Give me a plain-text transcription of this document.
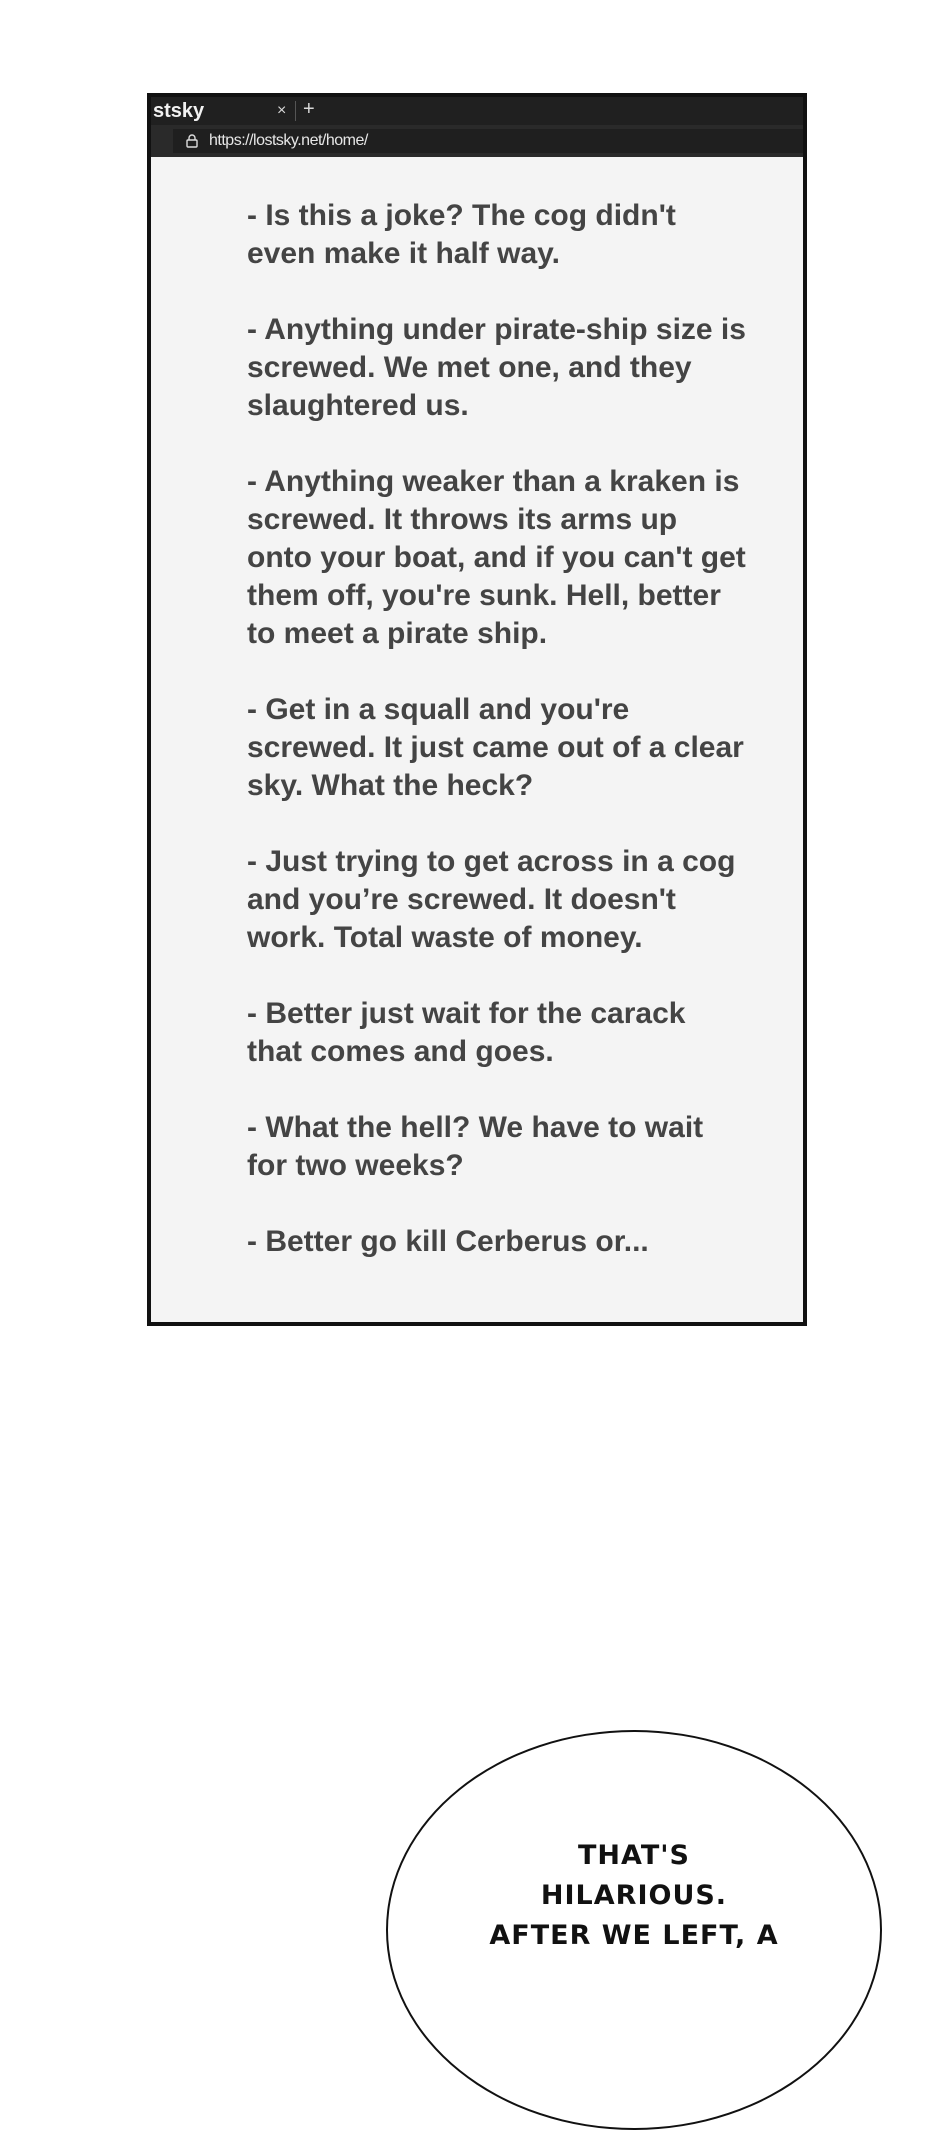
stsky	× +
https://lostsky.net/home/

- Is this a joke? The cog didn't even make it half way.

- Anything under pirate-ship size is screwed. We met one, and they slaughtered us.

- Anything weaker than a kraken is screwed. It throws its arms up onto your boat, and if you can't get them off, you're sunk. Hell, better to meet a pirate ship.

- Get in a squall and you're screwed. It just came out of a clear sky. What the heck?

- Just trying to get across in a cog and you’re screwed. It doesn't work. Total waste of money.

- Better just wait for the carack that comes and goes.

- What the hell? We have to wait for two weeks?

- Better go kill Cerberus or...

THAT'S
HILARIOUS.
AFTER WE LEFT, A
